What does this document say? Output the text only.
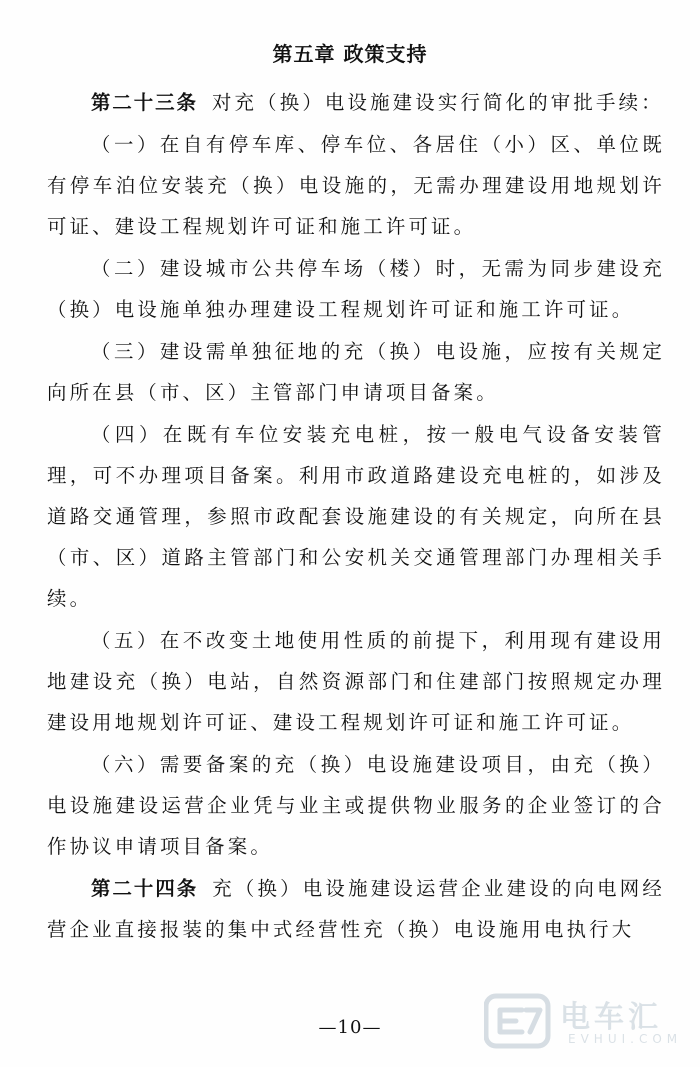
第五章 政策支持

第二十三条 对充（换）电设施建设实行简化的审批手续：

（一）在自有停车库、停车位、各居住（小）区、单位既有停车泊位安装充（换）电设施的，无需办理建设用地规划许可证、建设工程规划许可证和施工许可证。

（二）建设城市公共停车场（楼）时，无需为同步建设充（换）电设施单独办理建设工程规划许可证和施工许可证。

（三）建设需单独征地的充（换）电设施，应按有关规定向所在县（市、区）主管部门申请项目备案。

（四）在既有车位安装充电桩，按一般电气设备安装管理，可不办理项目备案。利用市政道路建设充电桩的，如涉及道路交通管理，参照市政配套设施建设的有关规定，向所在县（市、区）道路主管部门和公安机关交通管理部门办理相关手续。

（五）在不改变土地使用性质的前提下，利用现有建设用地建设充（换）电站，自然资源部门和住建部门按照规定办理建设用地规划许可证、建设工程规划许可证和施工许可证。

（六）需要备案的充（换）电设施建设项目，由充（换）电设施建设运营企业凭与业主或提供物业服务的企业签订的合作协议申请项目备案。

第二十四条 充（换）电设施建设运营企业建设的向电网经营企业直接报装的集中式经营性充（换）电设施用电执行大

—10—	电车汇
EVHUI.COM
